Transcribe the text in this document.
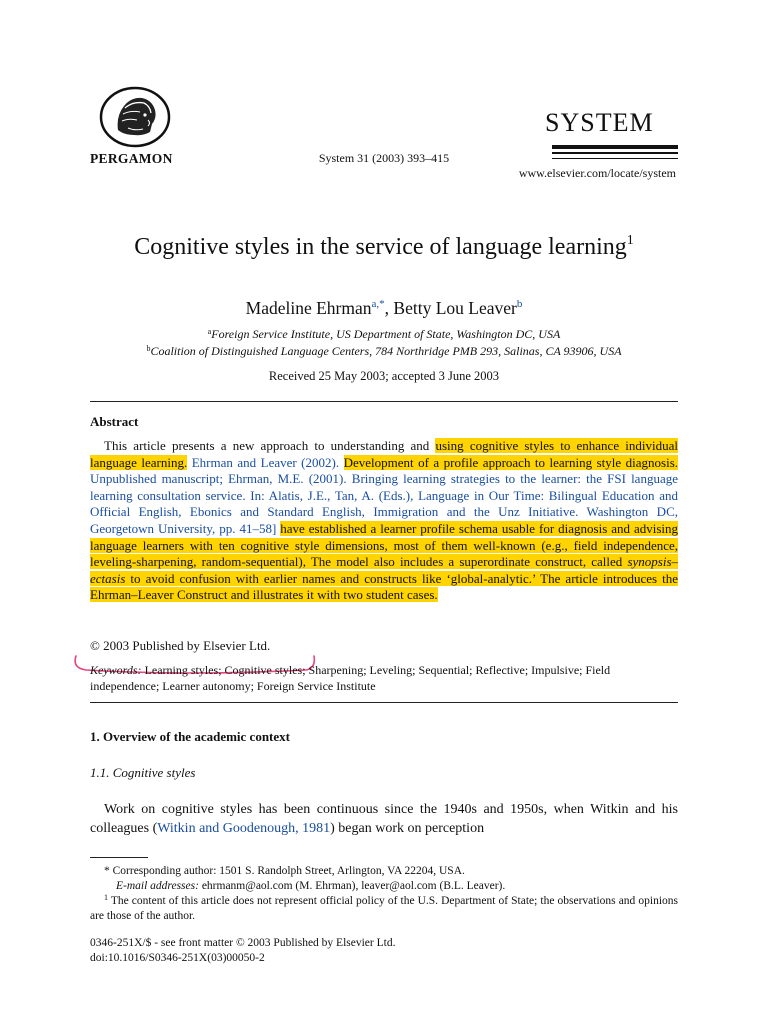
PERGAMON	System 31 (2003) 393–415
SYSTEM
www.elsevier.com/locate/system
Cognitive styles in the service of language learning$^1$
Madeline Ehrman$^{a,*}$, Betty Lou Leaver$^b$
$^a$Foreign Service Institute, US Department of State, Washington DC, USA
$^b$Coalition of Distinguished Language Centers, 784 Northridge PMB 293, Salinas, CA 93906, USA
Received 25 May 2003; accepted 3 June 2003
Abstract

This article presents a new approach to understanding and using cognitive styles to enhance individual language learning. Ehrman and Leaver (2002). Development of a profile approach to learning style diagnosis. Unpublished manuscript; Ehrman, M.E. (2001). Bringing learning strategies to the learner: the FSI language learning consultation service. In: Alatis, J.E., Tan, A. (Eds.), Language in Our Time: Bilingual Education and Official English, Ebonics and Standard English, Immigration and the Unz Initiative. Washington DC, Georgetown University, pp. 41–58] have established a learner profile schema usable for diagnosis and advising language learners with ten cognitive style dimensions, most of them well-known (e.g., field independence, leveling-sharpening, random-sequential), The model also includes a superordinate construct, called synopsis–ectasis to avoid confusion with earlier names and constructs like ‘global-analytic.’ The article introduces the Ehrman–Leaver Construct and illustrates it with two student cases.

© 2003 Published by Elsevier Ltd.

Keywords: Learning styles; Cognitive styles; Sharpening; Leveling; Sequential; Reflective; Impulsive; Field independence; Learner autonomy; Foreign Service Institute

1. Overview of the academic context
1.1. Cognitive styles

Work on cognitive styles has been continuous since the 1940s and 1950s, when Witkin and his colleagues (Witkin and Goodenough, 1981) began work on perception

* Corresponding author: 1501 S. Randolph Street, Arlington, VA 22204, USA.

E-mail addresses: ehrmanm@aol.com (M. Ehrman), leaver@aol.com (B.L. Leaver).

$^1$ The content of this article does not represent official policy of the U.S. Department of State; the observations and opinions are those of the author.

0346-251X/$ - see front matter © 2003 Published by Elsevier Ltd.
doi:10.1016/S0346-251X(03)00050-2
